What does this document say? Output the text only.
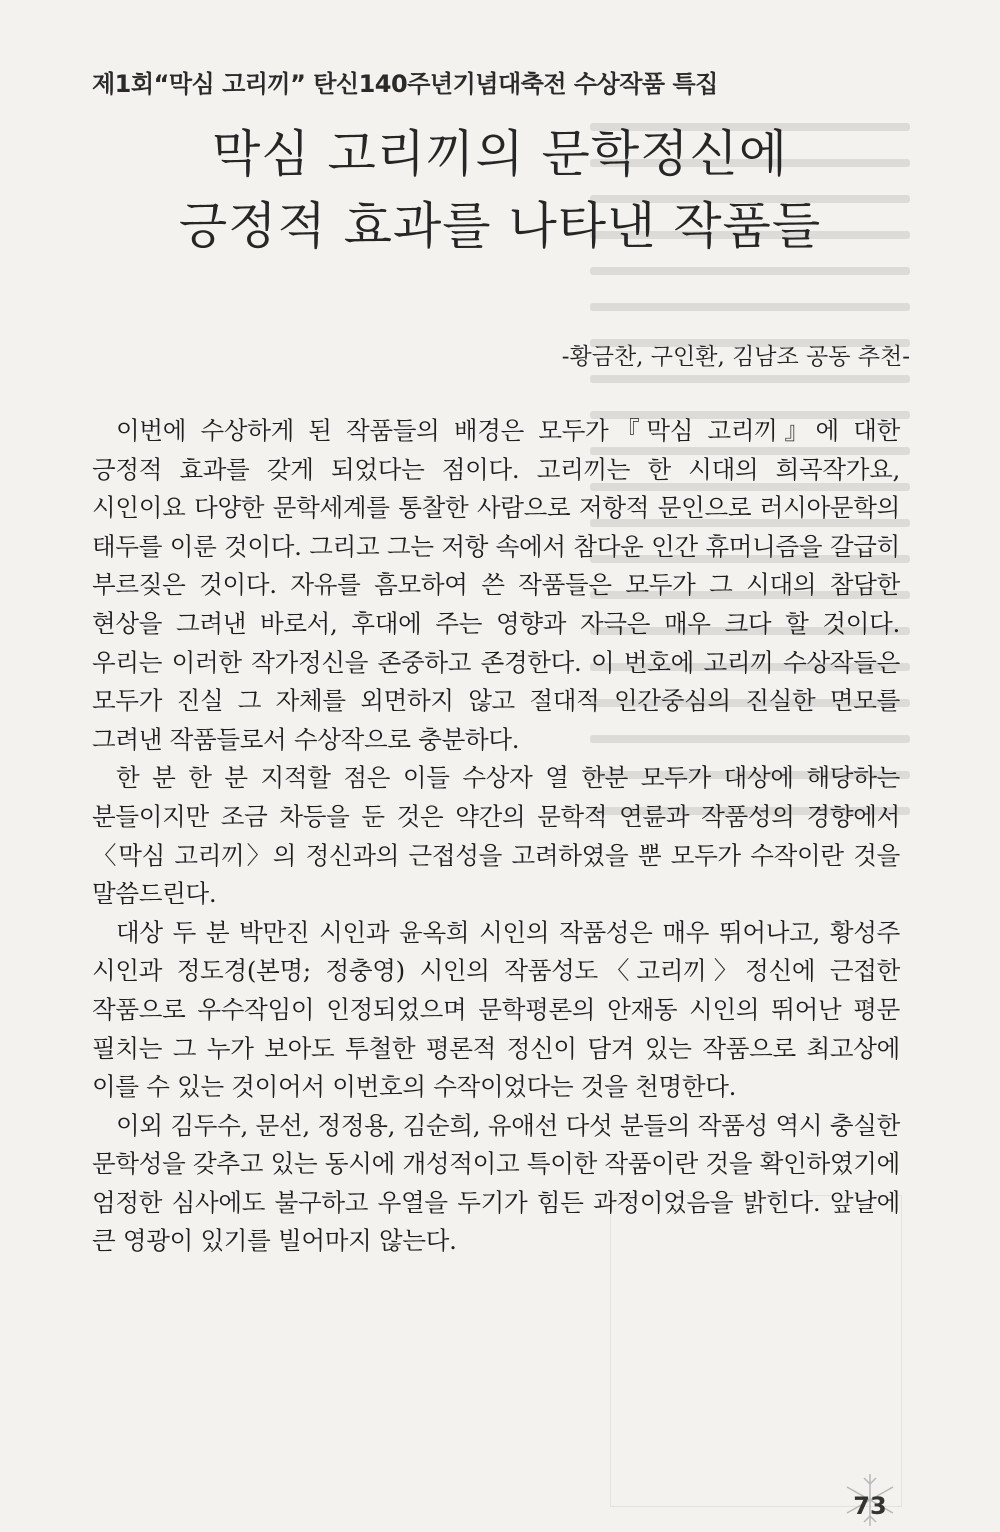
제1회“막심 고리끼” 탄신140주년기념대축전 수상작품 특집
막심 고리끼의 문학정신에
긍정적 효과를 나타낸 작품들
-황금찬, 구인환, 김남조 공동 추천-

이번에 수상하게 된 작품들의 배경은 모두가『막심 고리끼』에 대한 긍정적 효과를 갖게 되었다는 점이다. 고리끼는 한 시대의 희곡작가요, 시인이요 다양한 문학세계를 통찰한 사람으로 저항적 문인으로 러시아문학의 태두를 이룬 것이다. 그리고 그는 저항 속에서 참다운 인간 휴머니즘을 갈급히 부르짖은 것이다. 자유를 흠모하여 쓴 작품들은 모두가 그 시대의 참담한 현상을 그려낸 바로서, 후대에 주는 영향과 자극은 매우 크다 할 것이다. 우리는 이러한 작가정신을 존중하고 존경한다. 이 번호에 고리끼 수상작들은 모두가 진실 그 자체를 외면하지 않고 절대적 인간중심의 진실한 면모를 그려낸 작품들로서 수상작으로 충분하다.

한 분 한 분 지적할 점은 이들 수상자 열 한분 모두가 대상에 해당하는 분들이지만 조금 차등을 둔 것은 약간의 문학적 연륜과 작품성의 경향에서〈막심 고리끼〉의 정신과의 근접성을 고려하였을 뿐 모두가 수작이란 것을 말씀드린다.

대상 두 분 박만진 시인과 윤옥희 시인의 작품성은 매우 뛰어나고, 황성주 시인과 정도경(본명; 정충영) 시인의 작품성도〈고리끼〉정신에 근접한 작품으로 우수작임이 인정되었으며 문학평론의 안재동 시인의 뛰어난 평문 필치는 그 누가 보아도 투철한 평론적 정신이 담겨 있는 작품으로 최고상에 이를 수 있는 것이어서 이번호의 수작이었다는 것을 천명한다.

이외 김두수, 문선, 정정용, 김순희, 유애선 다섯 분들의 작품성 역시 충실한 문학성을 갖추고 있는 동시에 개성적이고 특이한 작품이란 것을 확인하였기에 엄정한 심사에도 불구하고 우열을 두기가 힘든 과정이었음을 밝힌다. 앞날에 큰 영광이 있기를 빌어마지 않는다.

73
